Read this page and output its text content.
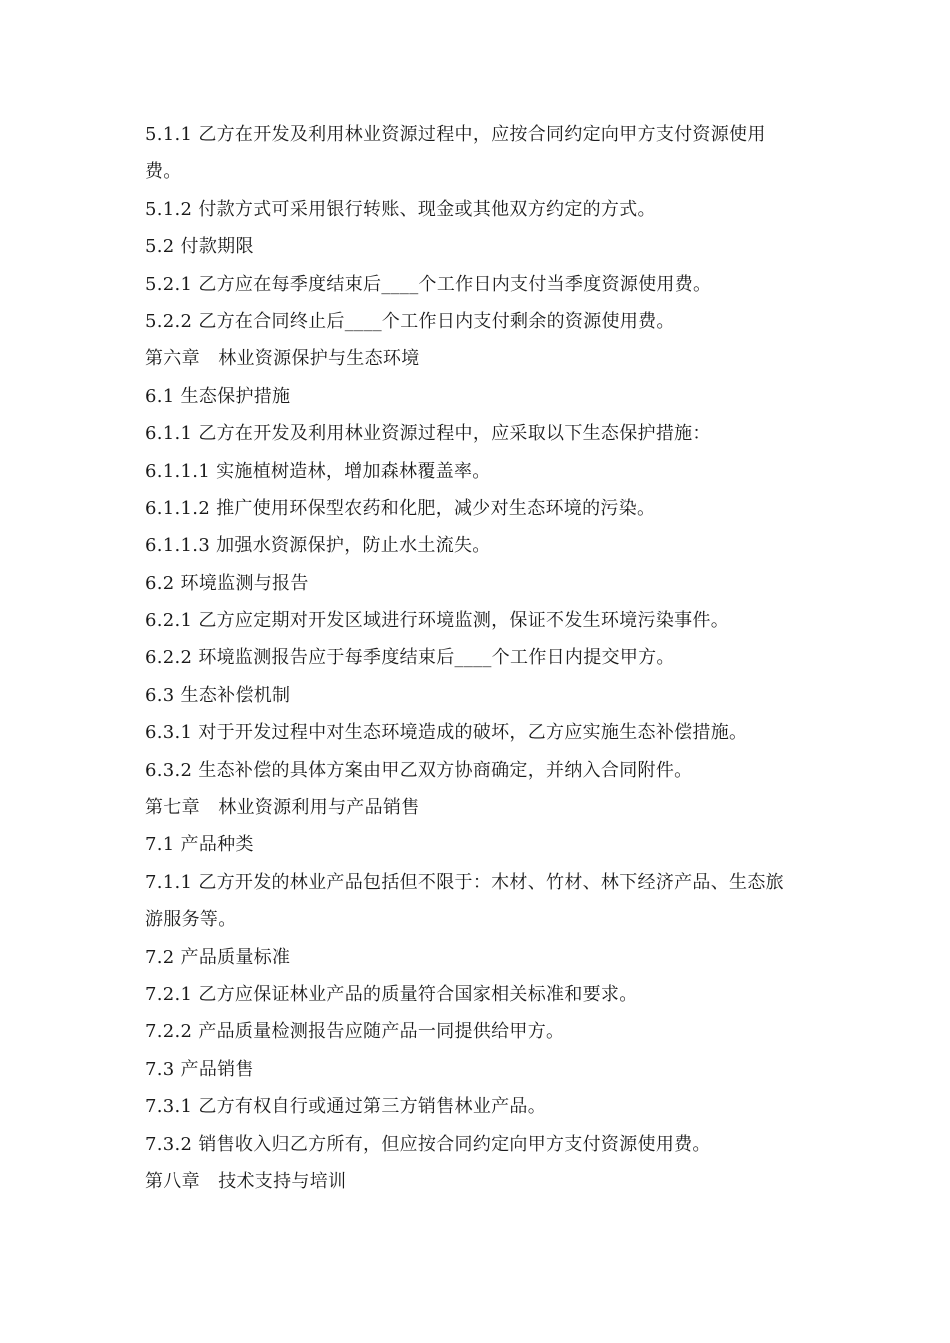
5.1.1 乙方在开发及利用林业资源过程中，应按合同约定向甲方支付资源使用
费。
5.1.2 付款方式可采用银行转账、现金或其他双方约定的方式。
5.2 付款期限
5.2.1 乙方应在每季度结束后____个工作日内支付当季度资源使用费。
5.2.2 乙方在合同终止后____个工作日内支付剩余的资源使用费。
第六章　林业资源保护与生态环境
6.1 生态保护措施
6.1.1 乙方在开发及利用林业资源过程中，应采取以下生态保护措施：
6.1.1.1 实施植树造林，增加森林覆盖率。
6.1.1.2 推广使用环保型农药和化肥，减少对生态环境的污染。
6.1.1.3 加强水资源保护，防止水土流失。
6.2 环境监测与报告
6.2.1 乙方应定期对开发区域进行环境监测，保证不发生环境污染事件。
6.2.2 环境监测报告应于每季度结束后____个工作日内提交甲方。
6.3 生态补偿机制
6.3.1 对于开发过程中对生态环境造成的破坏，乙方应实施生态补偿措施。
6.3.2 生态补偿的具体方案由甲乙双方协商确定，并纳入合同附件。
第七章　林业资源利用与产品销售
7.1 产品种类
7.1.1 乙方开发的林业产品包括但不限于：木材、竹材、林下经济产品、生态旅
游服务等。
7.2 产品质量标准
7.2.1 乙方应保证林业产品的质量符合国家相关标准和要求。
7.2.2 产品质量检测报告应随产品一同提供给甲方。
7.3 产品销售
7.3.1 乙方有权自行或通过第三方销售林业产品。
7.3.2 销售收入归乙方所有，但应按合同约定向甲方支付资源使用费。
第八章　技术支持与培训
